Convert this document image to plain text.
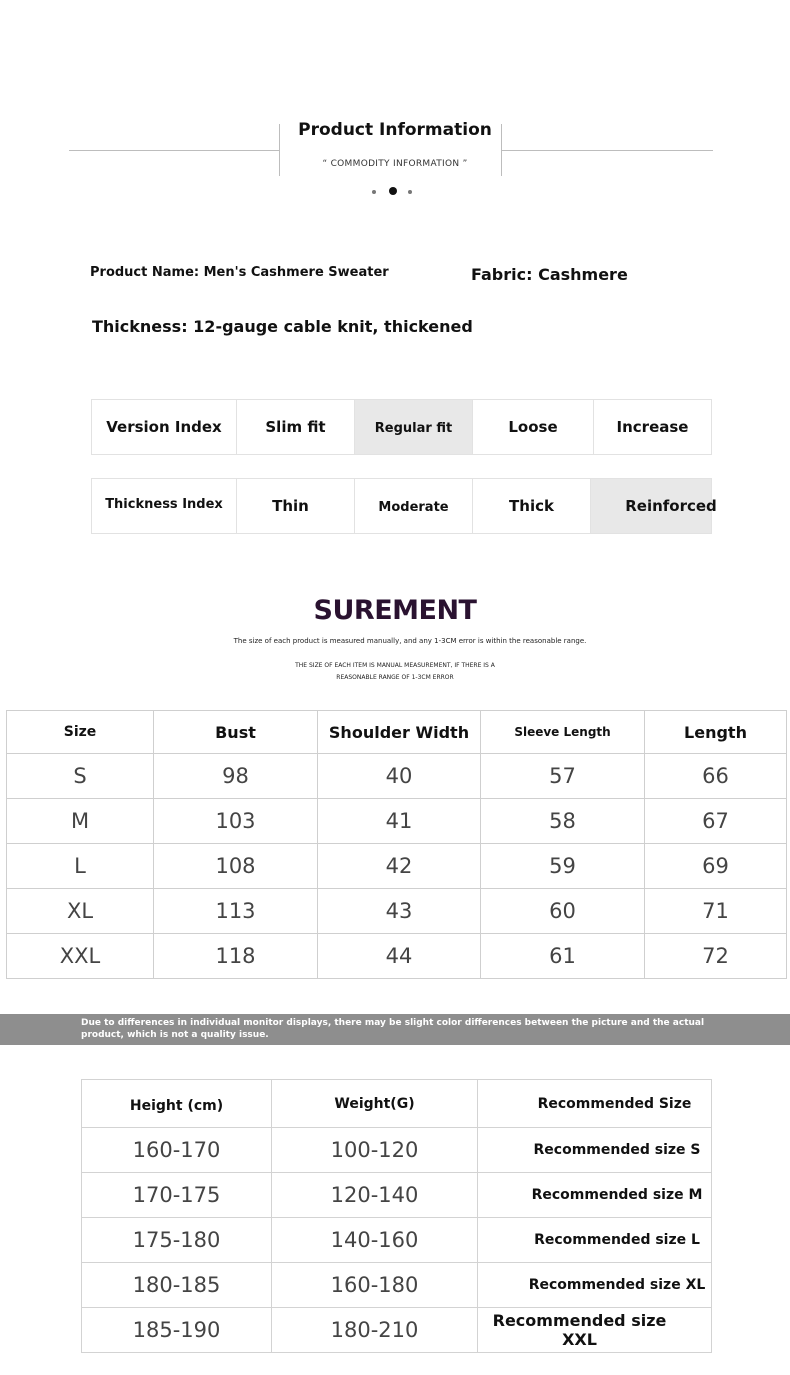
Product Information
“ COMMODITY INFORMATION ”
Product Name: Men's Cashmere Sweater	Fabric: Cashmere
Thickness: 12-gauge cable knit, thickened
Version Index	Slim fit	Regular fit	Loose	Increase
Thickness Index	Thin	Moderate	Thick	Reinforced
SUREMENT
The size of each product is measured manually, and any 1-3CM error is within the reasonable range.
THE SIZE OF EACH ITEM IS MANUAL MEASUREMENT, IF THERE IS A
REASONABLE RANGE OF 1-3CM ERROR
Size	Bust	Shoulder Width	Sleeve Length	Length
S	98	40	57	66
M	103	41	58	67
L	108	42	59	69
XL	113	43	60	71
XXL	118	44	61	72
Due to differences in individual monitor displays, there may be slight color differences between the picture and the actual product, which is not a quality issue.
Height (cm)	Weight(G)	Recommended Size
160-170	100-120	Recommended size S
170-175	120-140	Recommended size M
175-180	140-160	Recommended size L
180-185	160-180	Recommended size XL
185-190	180-210	Recommended size XXL
